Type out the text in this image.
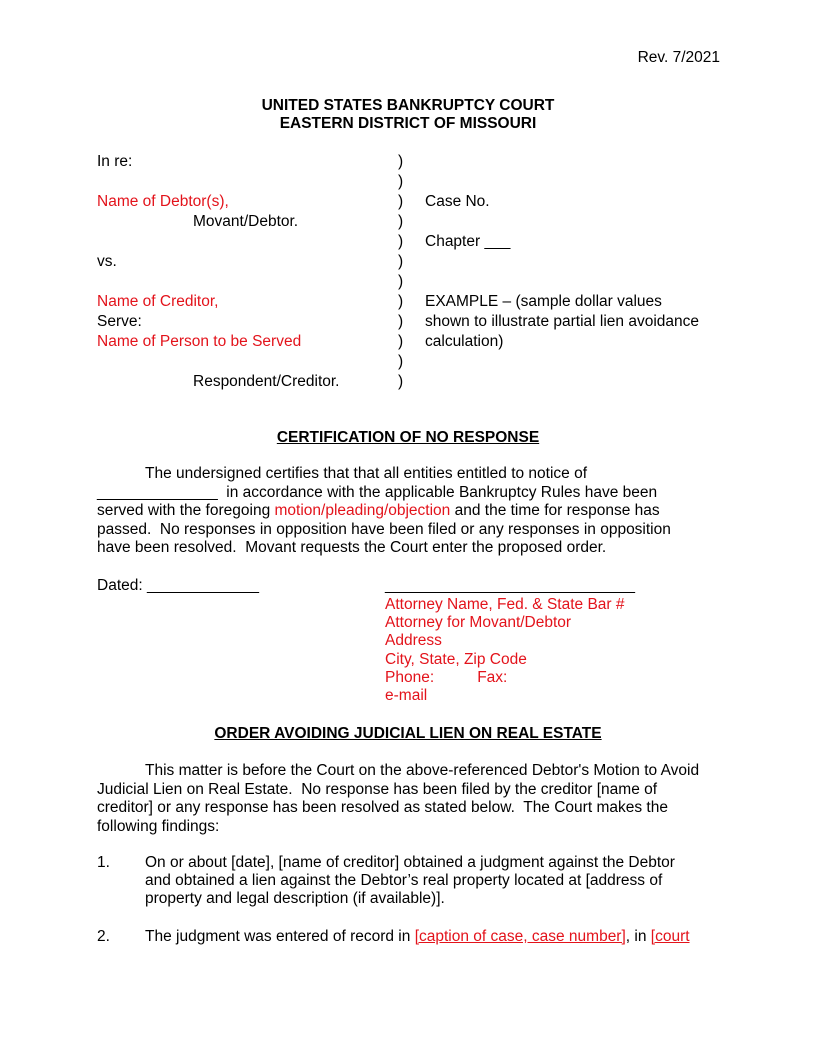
Rev. 7/2021
UNITED STATES BANKRUPTCY COURT
EASTERN DISTRICT OF MISSOURI
In re:
Name of Debtor(s),
Movant/Debtor.
vs.
Name of Creditor,
Serve:
Name of Person to be Served
Respondent/Creditor.
)
)
)
)
)
)
)
)
)
)
)
)
Case No.
Chapter ___
EXAMPLE – (sample dollar values
shown to illustrate partial lien avoidance
calculation)
CERTIFICATION OF NO RESPONSE
The undersigned certifies that that all entities entitled to notice of
______________  in accordance with the applicable Bankruptcy Rules have been
served with the foregoing motion/pleading/objection and the time for response has
passed.  No responses in opposition have been filed or any responses in opposition
have been resolved.  Movant requests the Court enter the proposed order.
Dated: _____________	_____________________________
Attorney Name, Fed. & State Bar #
Attorney for Movant/Debtor
Address
City, State, Zip Code
Phone:          Fax:
e-mail
ORDER AVOIDING JUDICIAL LIEN ON REAL ESTATE
This matter is before the Court on the above-referenced Debtor's Motion to Avoid
Judicial Lien on Real Estate.  No response has been filed by the creditor [name of
creditor] or any response has been resolved as stated below.  The Court makes the
following findings:
1. On or about [date], [name of creditor] obtained a judgment against the Debtor
and obtained a lien against the Debtor’s real property located at [address of
property and legal description (if available)].
2. The judgment was entered of record in [caption of case, case number], in [court
